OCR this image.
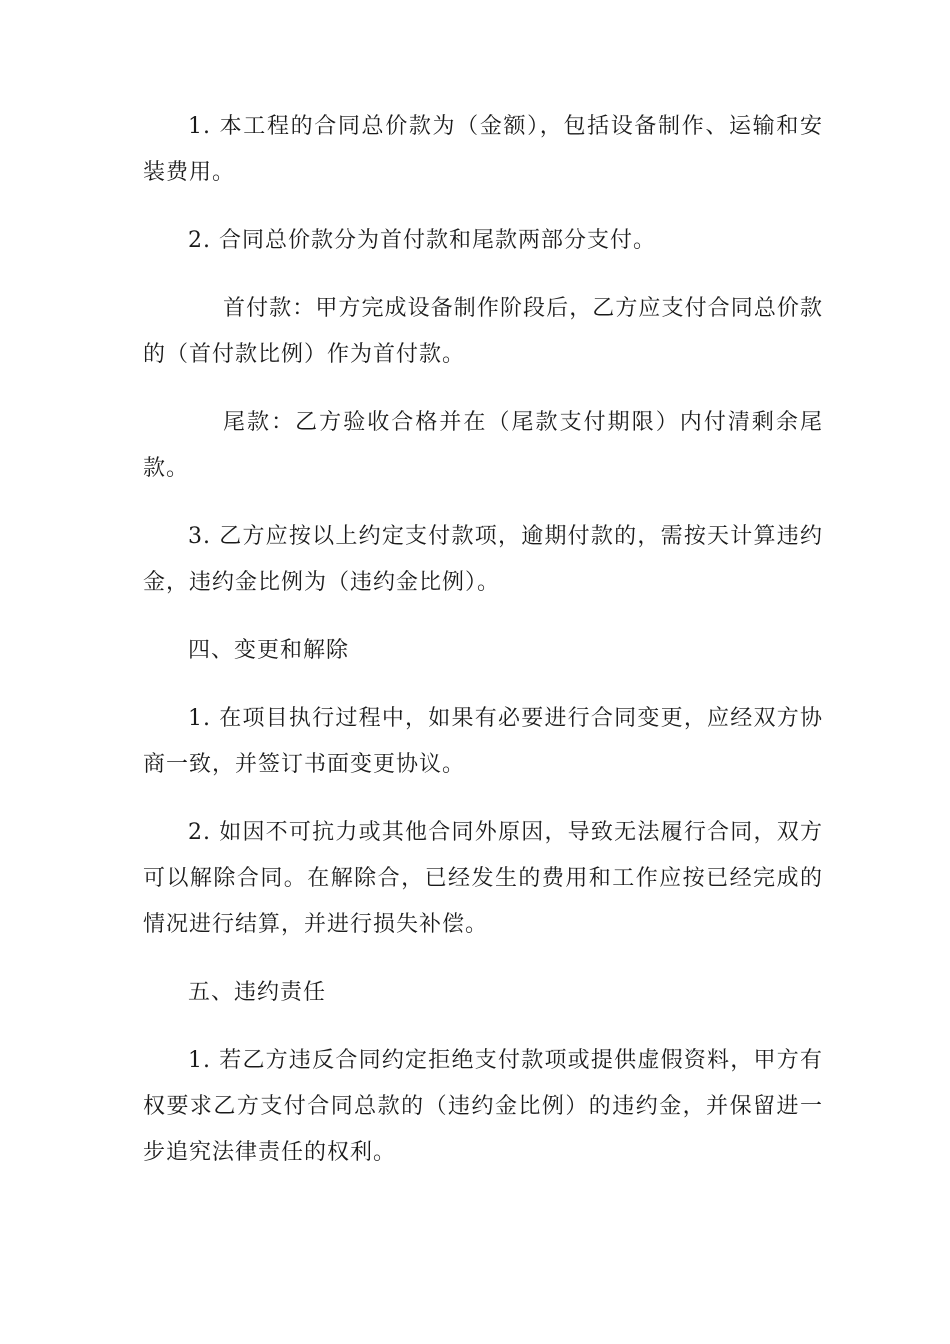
1. 本工程的合同总价款为（金额），包括设备制作、运输和安装费用。

2. 合同总价款分为首付款和尾款两部分支付。

首付款：甲方完成设备制作阶段后，乙方应支付合同总价款的（首付款比例）作为首付款。

尾款：乙方验收合格并在（尾款支付期限）内付清剩余尾款。

3. 乙方应按以上约定支付款项，逾期付款的，需按天计算违约金，违约金比例为（违约金比例）。

四、变更和解除

1. 在项目执行过程中，如果有必要进行合同变更，应经双方协商一致，并签订书面变更协议。

2. 如因不可抗力或其他合同外原因，导致无法履行合同，双方可以解除合同。在解除合，已经发生的费用和工作应按已经完成的情况进行结算，并进行损失补偿。

五、违约责任

1. 若乙方违反合同约定拒绝支付款项或提供虚假资料，甲方有权要求乙方支付合同总款的（违约金比例）的违约金，并保留进一步追究法律责任的权利。
